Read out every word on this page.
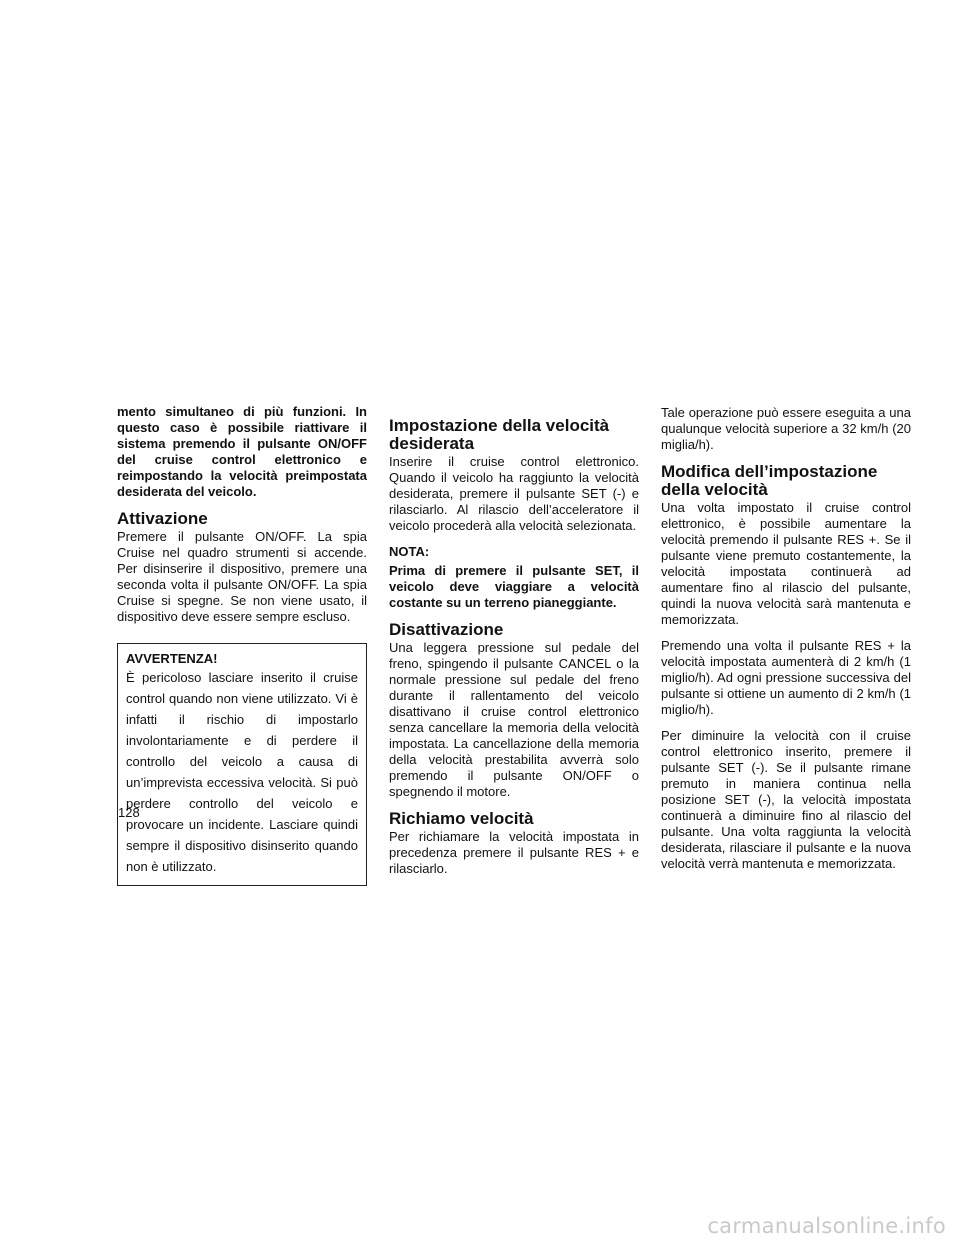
mento simultaneo di più funzioni. In questo caso è possibile riattivare il sistema premendo il pulsante ON/OFF del cruise control elettronico e reimpostando la velocità preimpostata desiderata del veicolo.

Attivazione

Premere il pulsante ON/OFF. La spia Cruise nel quadro strumenti si accende. Per disinserire il dispositivo, premere una seconda volta il pulsante ON/OFF. La spia Cruise si spegne. Se non viene usato, il dispositivo deve essere sempre escluso.

AVVERTENZA!

È pericoloso lasciare inserito il cruise control quando non viene utilizzato. Vi è infatti il rischio di impostarlo involontariamente e di perdere il controllo del veicolo a causa di un’imprevista eccessiva velocità. Si può perdere controllo del veicolo e provocare un incidente. Lasciare quindi sempre il dispositivo disinserito quando non è utilizzato.

Impostazione della velocità desiderata

Inserire il cruise control elettronico. Quando il veicolo ha raggiunto la velocità desiderata, premere il pulsante SET (-) e rilasciarlo. Al rilascio dell’acceleratore il veicolo procederà alla velocità selezionata.

NOTA:

Prima di premere il pulsante SET, il veicolo deve viaggiare a velocità costante su un terreno pianeggiante.

Disattivazione

Una leggera pressione sul pedale del freno, spingendo il pulsante CANCEL o la normale pressione sul pedale del freno durante il rallentamento del veicolo disattivano il cruise control elettronico senza cancellare la memoria della velocità impostata. La cancellazione della memoria della velocità prestabilita avverrà solo premendo il pulsante ON/OFF o spegnendo il motore.

Richiamo velocità

Per richiamare la velocità impostata in precedenza premere il pulsante RES + e rilasciarlo.

Tale operazione può essere eseguita a una qualunque velocità superiore a 32 km/h (20 miglia/h).

Modifica dell’impostazione della velocità

Una volta impostato il cruise control elettronico, è possibile aumentare la velocità premendo il pulsante RES +. Se il pulsante viene premuto costantemente, la velocità impostata continuerà ad aumentare fino al rilascio del pulsante, quindi la nuova velocità sarà mantenuta e memorizzata.

Premendo una volta il pulsante RES + la velocità impostata aumenterà di 2 km/h (1 miglio/h). Ad ogni pressione successiva del pulsante si ottiene un aumento di 2 km/h (1 miglio/h).

Per diminuire la velocità con il cruise control elettronico inserito, premere il pulsante SET (-). Se il pulsante rimane premuto in maniera continua nella posizione SET (-), la velocità impostata continuerà a diminuire fino al rilascio del pulsante. Una volta raggiunta la velocità desiderata, rilasciare il pulsante e la nuova velocità verrà mantenuta e memorizzata.

128
carmanualsonline.info
